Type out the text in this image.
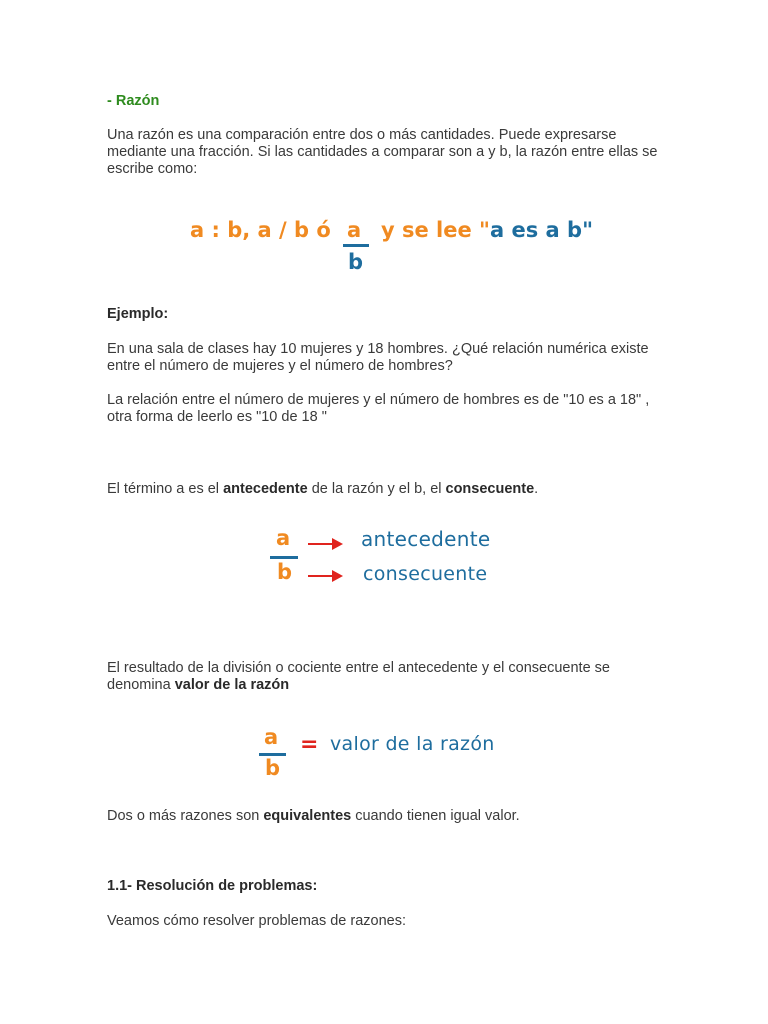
- Razón
Una razón es una comparación entre dos o más cantidades. Puede expresarse mediante una fracción. Si las cantidades a comparar son a y b, la razón entre ellas se escribe como:
a : b, a / b ó a
b
y se lee "a es a b"
Ejemplo:
En una sala de clases hay 10 mujeres y 18 hombres. ¿Qué relación numérica existe entre el número de mujeres y el número de hombres?
La relación entre el número de mujeres y el número de hombres es de "10 es a 18" , otra forma de leerlo es "10 de 18 "
El término a es el antecedente de la razón y el b, el consecuente.
a
b
antecedente
consecuente
El resultado de la división o cociente entre el antecedente y el consecuente se denomina valor de la razón
a
b
= valor de la razón
Dos o más razones son equivalentes cuando tienen igual valor.
1.1- Resolución de problemas:
Veamos cómo resolver problemas de razones:
